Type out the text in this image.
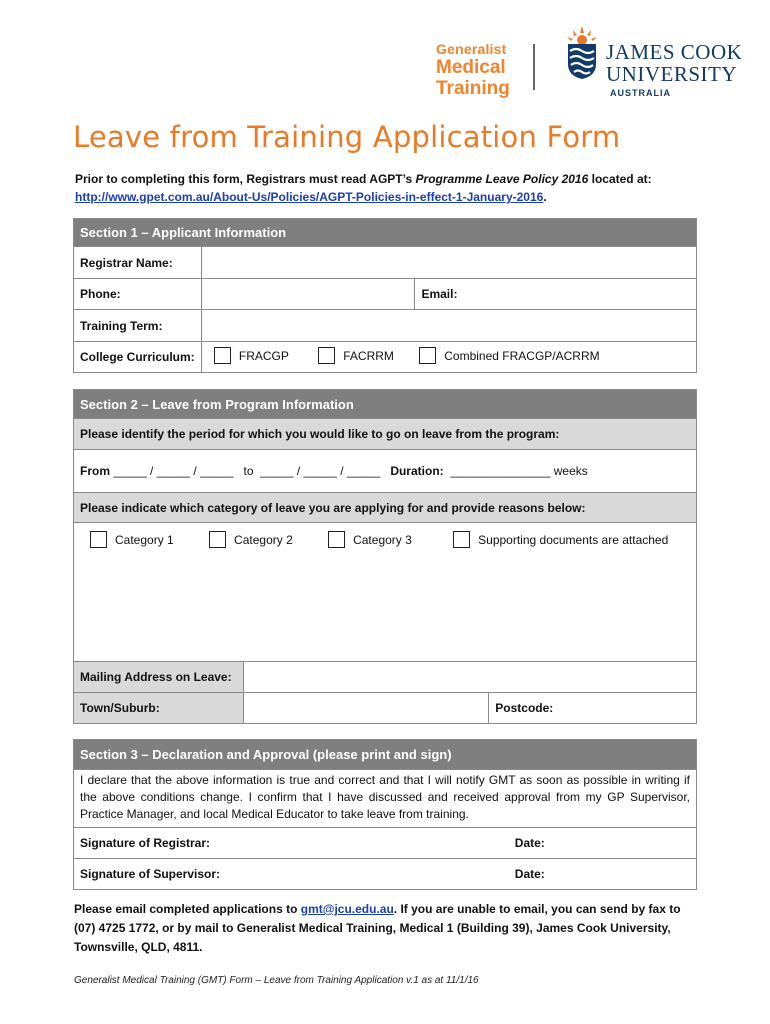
Generalist
Medical
Training
JAMES COOK
UNIVERSITY
AUSTRALIA
Leave from Training Application Form
Prior to completing this form, Registrars must read AGPT’s Programme Leave Policy 2016 located at:
http://www.gpet.com.au/About-Us/Policies/AGPT-Policies-in-effect-1-January-2016.
Section 1 – Applicant Information		
Registrar Name:		
Phone:		Email:
Training Term:		
College Curriculum:	FRACGP
FACRRM
Combined FRACGP/ACRRM	
Section 2 – Leave from Program Information		
Please identify the period for which you would like to go on leave from the program:		
From _____ / _____ / _____ to _____ / _____ / _____ Duration: _______________ weeks		
Please indicate which category of leave you are applying for and provide reasons below:		

Category 1
Category 2
Category 3
Supporting documents are attached		

Mailing Address on Leave:		
Town/Suburb:		Postcode:
Section 3 – Declaration and Approval (please print and sign)	
I declare that the above information is true and correct and that I will notify GMT as soon as possible in writing if the above conditions change. I confirm that I have discussed and received approval from my GP Supervisor, Practice Manager, and local Medical Educator to take leave from training.	
Signature of Registrar:	Date:
Signature of Supervisor:	Date:
Please email completed applications to gmt@jcu.edu.au. If you are unable to email, you can send by fax to (07) 4725 1772, or by mail to Generalist Medical Training, Medical 1 (Building 39), James Cook University, Townsville, QLD, 4811.
Generalist Medical Training (GMT) Form – Leave from Training Application v.1 as at 11/1/16
